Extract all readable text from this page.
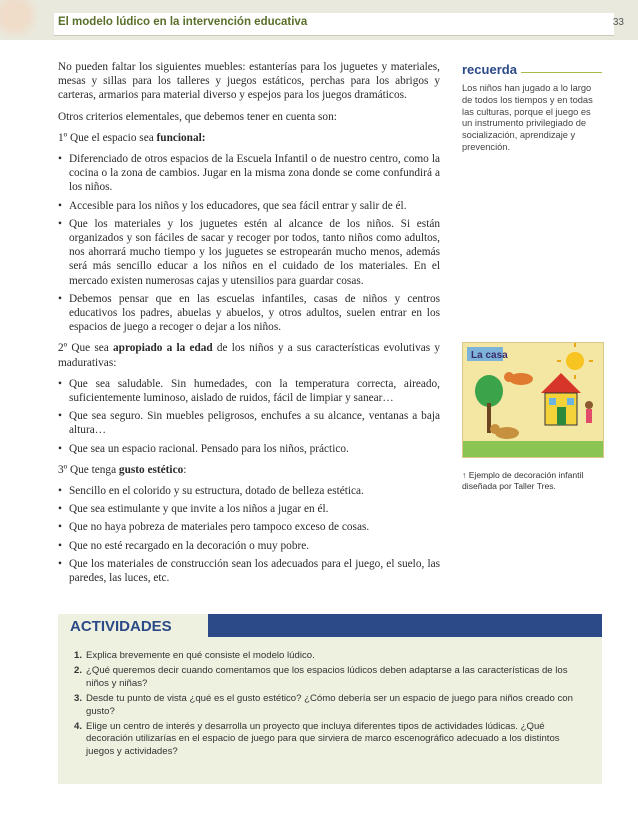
El modelo lúdico en la intervención educativa	33

No pueden faltar los siguientes muebles: estanterías para los juguetes y materiales, mesas y sillas para los talleres y juegos estáticos, perchas para los abrigos y carteras, armarios para material diverso y espejos para los juegos dramáticos.

Otros criterios elementales, que debemos tener en cuenta son:

1º Que el espacio sea funcional:

• Diferenciado de otros espacios de la Escuela Infantil o de nuestro centro, como la cocina o la zona de cambios. Jugar en la misma zona donde se come confundirá a los niños.
• Accesible para los niños y los educadores, que sea fácil entrar y salir de él.
• Que los materiales y los juguetes estén al alcance de los niños. Si están organizados y son fáciles de sacar y recoger por todos, tanto niños como adultos, nos ahorrará mucho tiempo y los juguetes se estropearán mucho menos, además será más sencillo educar a los niños en el cuidado de los materiales. En el mercado existen numerosas cajas y utensilios para guardar cosas.
• Debemos pensar que en las escuelas infantiles, casas de niños y centros educativos los padres, abuelas y abuelos, y otros adultos, suelen entrar en los espacios de juego a recoger o dejar a los niños.

2º Que sea apropiado a la edad de los niños y a sus características evolutivas y madurativas:

• Que sea saludable. Sin humedades, con la temperatura correcta, aireado, suficientemente luminoso, aislado de ruidos, fácil de limpiar y sanear…
• Que sea seguro. Sin muebles peligrosos, enchufes a su alcance, ventanas a baja altura…
• Que sea un espacio racional. Pensado para los niños, práctico.

3º Que tenga gusto estético:

• Sencillo en el colorido y su estructura, dotado de belleza estética.
• Que sea estimulante y que invite a los niños a jugar en él.
• Que no haya pobreza de materiales pero tampoco exceso de cosas.
• Que no esté recargado en la decoración o muy pobre.
• Que los materiales de construcción sean los adecuados para el juego, el suelo, las paredes, las luces, etc.
recuerda
Los niños han jugado a lo largo de todos los tiempos y en todas las culturas, porque el juego es un instrumento privilegiado de socialización, aprendizaje y prevención.
La casa
↑ Ejemplo de decoración infantil diseñada por Taller Tres.
ACTIVIDADES
1. Explica brevemente en qué consiste el modelo lúdico.
2. ¿Qué queremos decir cuando comentamos que los espacios lúdicos deben adaptarse a las características de los niños y niñas?
3. Desde tu punto de vista ¿qué es el gusto estético? ¿Cómo debería ser un espacio de juego para niños creado con gusto?
4. Elige un centro de interés y desarrolla un proyecto que incluya diferentes tipos de actividades lúdicas. ¿Qué decoración utilizarías en el espacio de juego para que sirviera de marco escenográfico adecuado a los distintos juegos y actividades?
